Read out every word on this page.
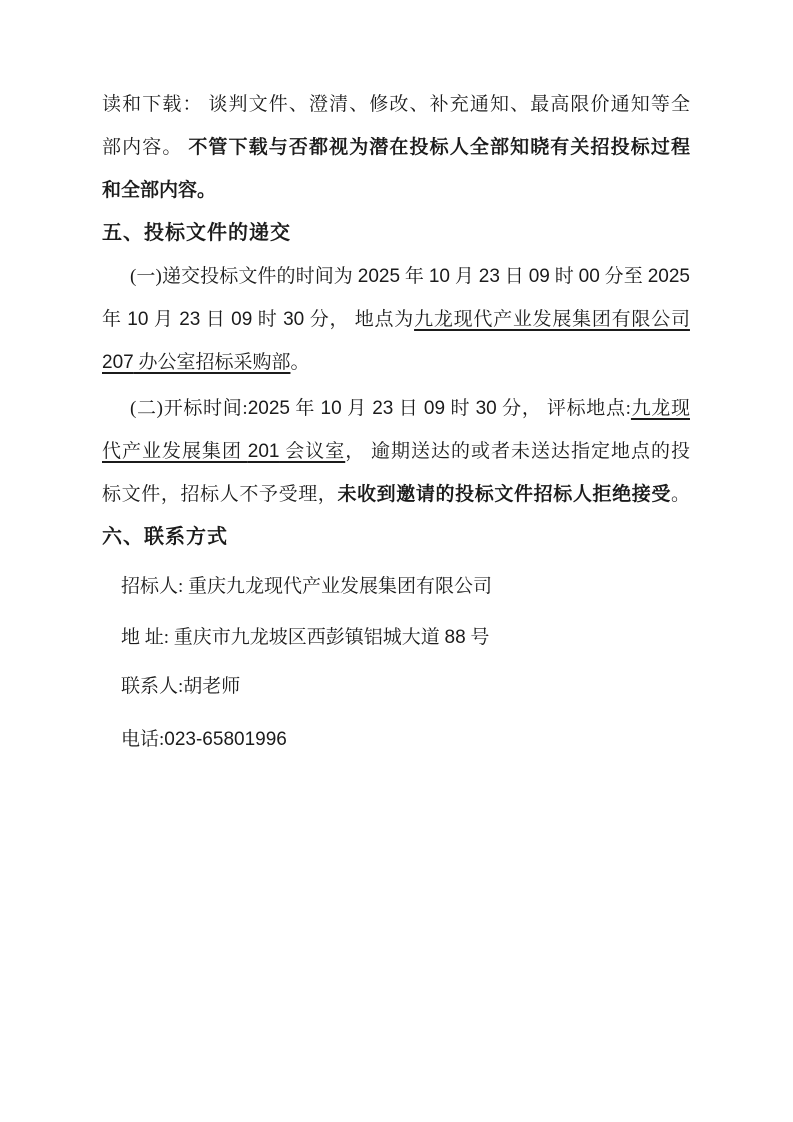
读和下载： 谈判文件、澄清、修改、补充通知、最高限价通知等全
部内容。 不管下载与否都视为潜在投标人全部知晓有关招投标过程
和全部内容。
五、投标文件的递交
(一)递交投标文件的时间为 2025 年 10 月 23 日 09 时 00 分至 2025
年 10 月 23 日 09 时 30 分， 地点为九龙现代产业发展集团有限公司
207 办公室招标采购部。
(二)开标时间:2025 年 10 月 23 日 09 时 30 分， 评标地点:九龙现
代产业发展集团 201 会议室， 逾期送达的或者未送达指定地点的投
标文件，招标人不予受理，未收到邀请的投标文件招标人拒绝接受。
六、联系方式
招标人: 重庆九龙现代产业发展集团有限公司
地 址: 重庆市九龙坡区西彭镇铝城大道 88 号
联系人:胡老师
电话:023-65801996
